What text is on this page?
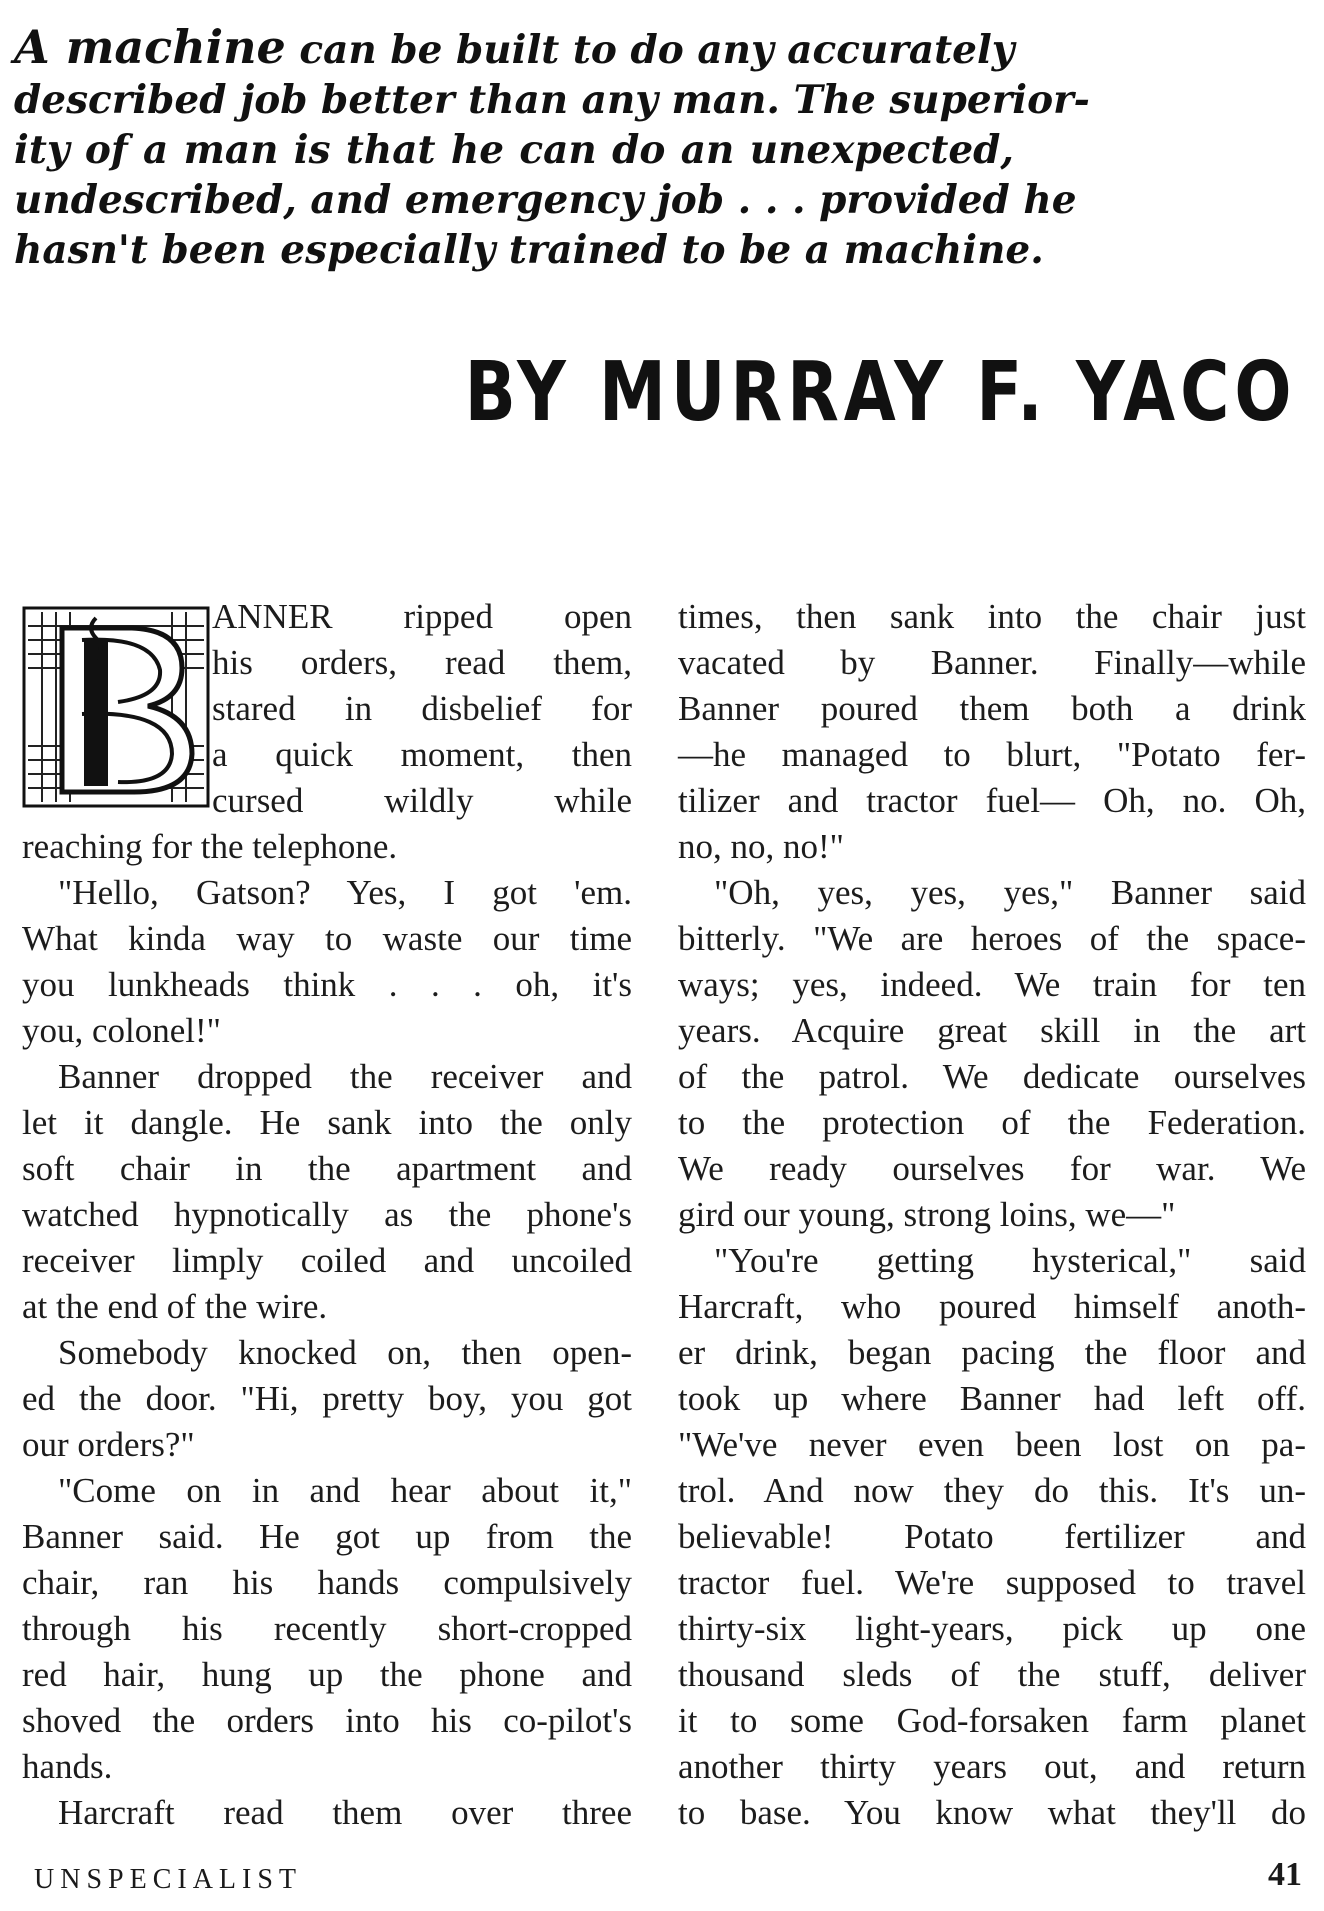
A machine can be built to do any accurately
described job better than any man. The superior-
ity of a man is that he can do an unexpected,
undescribed, and emergency job . . . provided he
hasn't been especially trained to be a machine.
BY MURRAY F. YACO
B
ANNER ripped open
his orders, read them,
stared in disbelief for
a quick moment, then
cursed wildly while
reaching for the telephone.
"Hello, Gatson? Yes, I got 'em.
What kinda way to waste our time
you lunkheads think . . . oh, it's
you, colonel!"
Banner dropped the receiver and
let it dangle. He sank into the only
soft chair in the apartment and
watched hypnotically as the phone's
receiver limply coiled and uncoiled
at the end of the wire.
Somebody knocked on, then open-
ed the door. "Hi, pretty boy, you got
our orders?"
"Come on in and hear about it,"
Banner said. He got up from the
chair, ran his hands compulsively
through his recently short-cropped
red hair, hung up the phone and
shoved the orders into his co-pilot's
hands.
Harcraft read them over three
times, then sank into the chair just
vacated by Banner. Finally—while
Banner poured them both a drink
—he managed to blurt, "Potato fer-
tilizer and tractor fuel— Oh, no. Oh,
no, no, no!"
"Oh, yes, yes, yes," Banner said
bitterly. "We are heroes of the space-
ways; yes, indeed. We train for ten
years. Acquire great skill in the art
of the patrol. We dedicate ourselves
to the protection of the Federation.
We ready ourselves for war. We
gird our young, strong loins, we—"
"You're getting hysterical," said
Harcraft, who poured himself anoth-
er drink, began pacing the floor and
took up where Banner had left off.
"We've never even been lost on pa-
trol. And now they do this. It's un-
believable! Potato fertilizer and
tractor fuel. We're supposed to travel
thirty-six light-years, pick up one
thousand sleds of the stuff, deliver
it to some God-forsaken farm planet
another thirty years out, and return
to base. You know what they'll do
UNSPECIALIST	41
